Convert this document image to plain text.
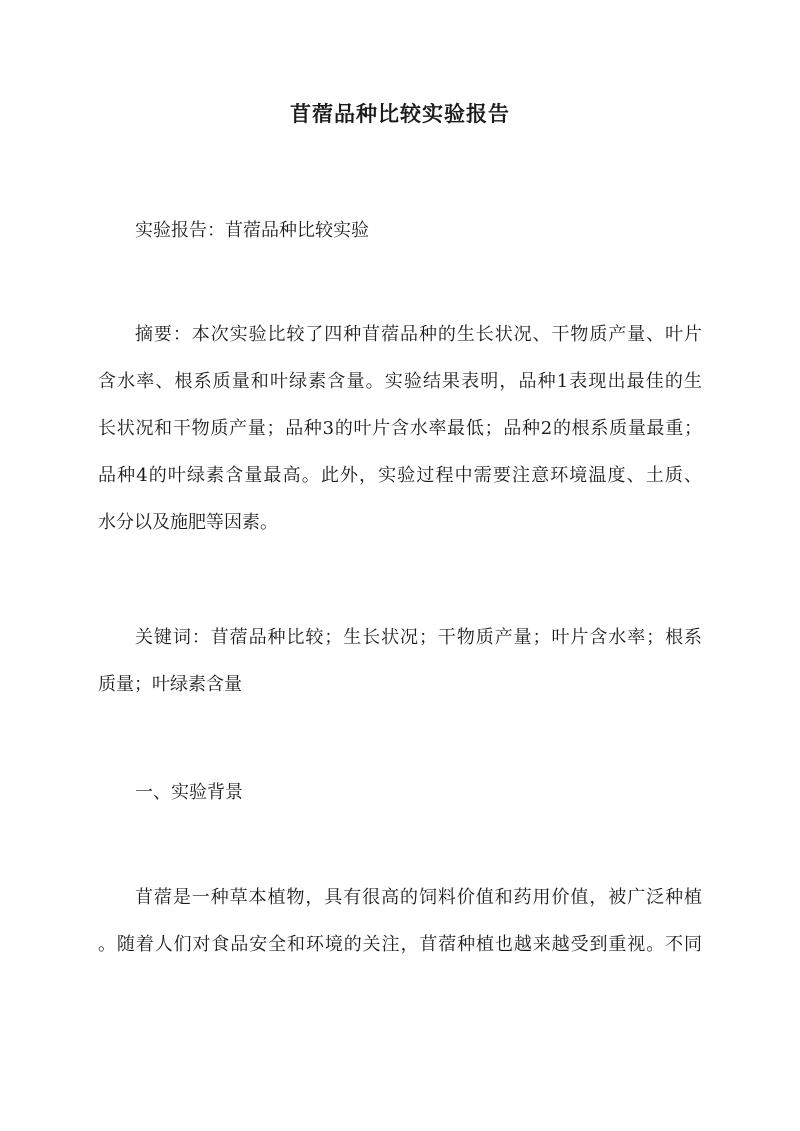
苜蓿品种比较实验报告
实验报告：苜蓿品种比较实验
摘要：本次实验比较了四种苜蓿品种的生长状况、干物质产量、叶片
含水率、根系质量和叶绿素含量。实验结果表明，品种1表现出最佳的生
长状况和干物质产量；品种3的叶片含水率最低；品种2的根系质量最重；
品种4的叶绿素含量最高。此外，实验过程中需要注意环境温度、土质、
水分以及施肥等因素。
关键词：苜蓿品种比较；生长状况；干物质产量；叶片含水率；根系
质量；叶绿素含量
一、实验背景
苜蓿是一种草本植物，具有很高的饲料价值和药用价值，被广泛种植
。随着人们对食品安全和环境的关注，苜蓿种植也越来越受到重视。不同
